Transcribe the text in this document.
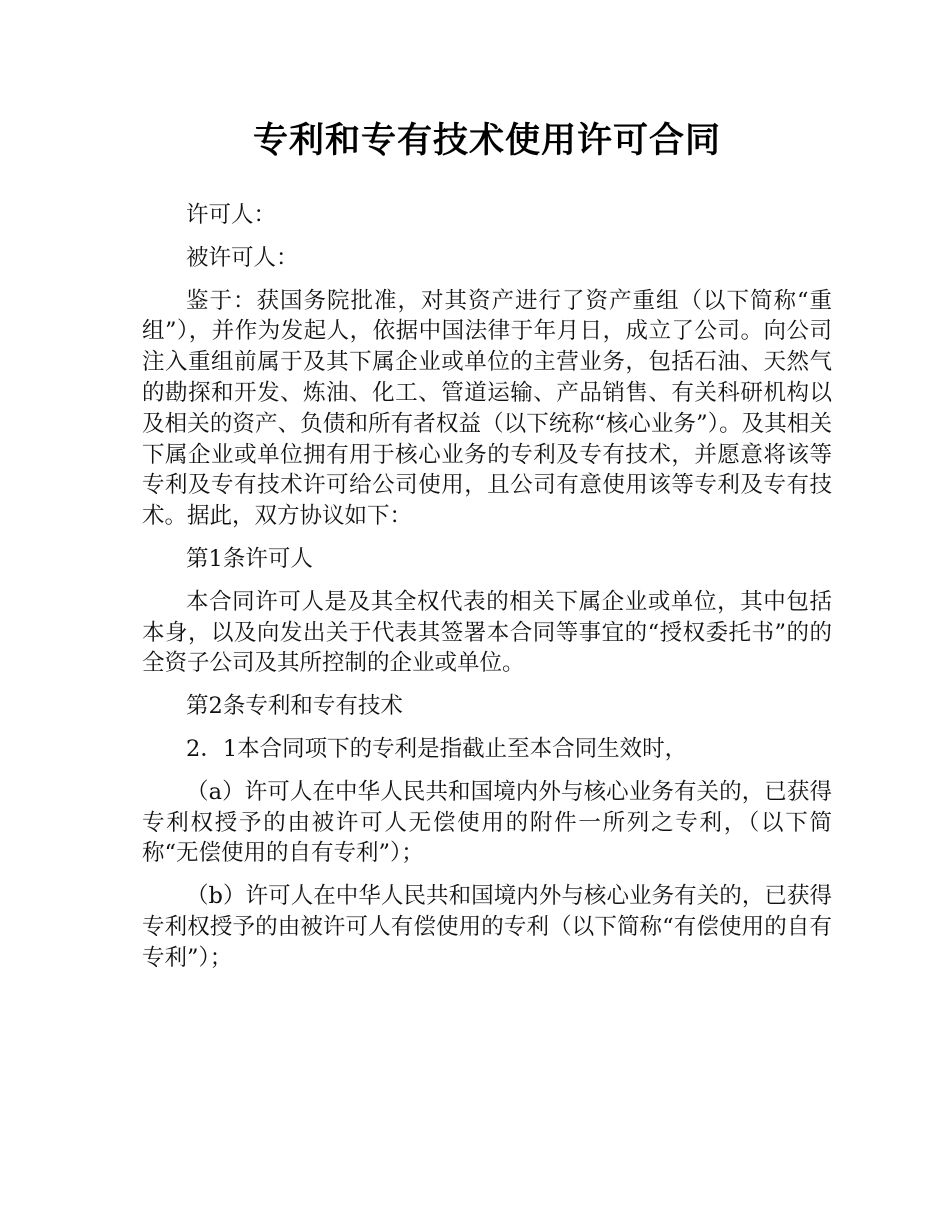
专利和专有技术使用许可合同

许可人：

被许可人：

鉴于：获国务院批准，对其资产进行了资产重组（以下简称“重组”），并作为发起人，依据中国法律于年月日，成立了公司。向公司注入重组前属于及其下属企业或单位的主营业务，包括石油、天然气的勘探和开发、炼油、化工、管道运输、产品销售、有关科研机构以及相关的资产、负债和所有者权益（以下统称“核心业务”）。及其相关下属企业或单位拥有用于核心业务的专利及专有技术，并愿意将该等专利及专有技术许可给公司使用，且公司有意使用该等专利及专有技术。据此，双方协议如下：

第1条许可人

本合同许可人是及其全权代表的相关下属企业或单位，其中包括本身，以及向发出关于代表其签署本合同等事宜的“授权委托书”的的全资子公司及其所控制的企业或单位。

第2条专利和专有技术

2．1本合同项下的专利是指截止至本合同生效时，

（a）许可人在中华人民共和国境内外与核心业务有关的，已获得专利权授予的由被许可人无偿使用的附件一所列之专利，（以下简称“无偿使用的自有专利”）；

（b）许可人在中华人民共和国境内外与核心业务有关的，已获得专利权授予的由被许可人有偿使用的专利（以下简称“有偿使用的自有专利”）；
